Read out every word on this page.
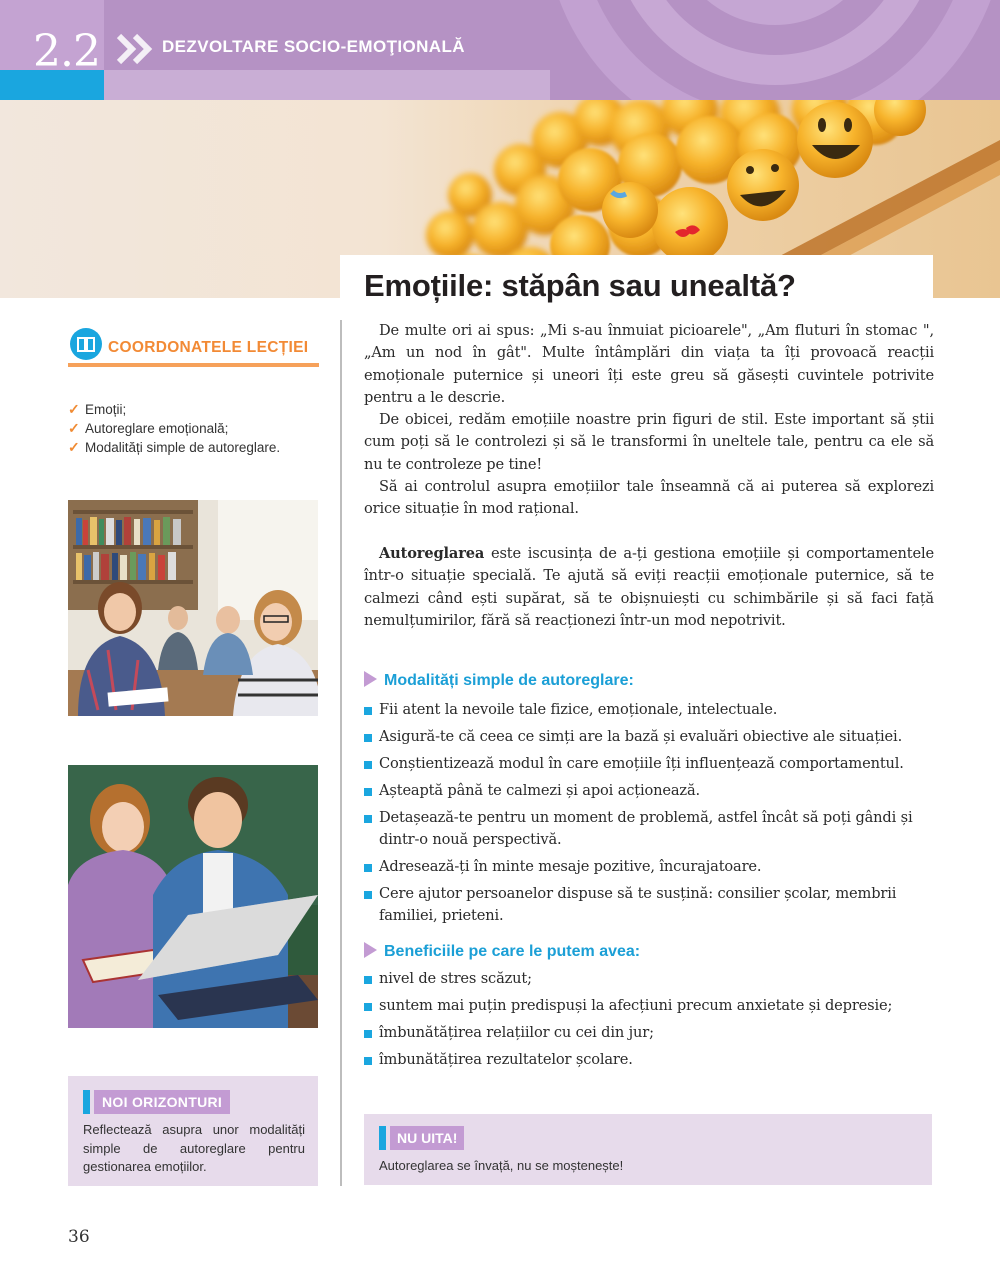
2.2	DEZVOLTARE SOCIO-EMOŢIONALĂ
Emoțiile: stăpân sau unealtă?
COORDONATELE LECȚIEI
✓ Emoții;
✓ Autoreglare emoțională;
✓ Modalități simple de autoreglare.
NOI ORIZONTURI
Reflectează asupra unor modalități simple de autoreglare pentru gestionarea emoțiilor.

De multe ori ai spus: „Mi s-au înmuiat picioarele", „Am fluturi în stomac ", „Am un nod în gât". Multe întâmplări din viața ta îți provoacă reacții emoționale puternice și uneori îți este greu să găsești cuvintele potrivite pentru a le descrie.

De obicei, redăm emoțiile noastre prin figuri de stil. Este important să știi cum poți să le controlezi și să le transformi în uneltele tale, pentru ca ele să nu te controleze pe tine!

Să ai controlul asupra emoțiilor tale înseamnă că ai puterea să explorezi orice situație în mod rațional.

Autoreglarea este iscusința de a-ți gestiona emoțiile și comportamentele într-o situație specială. Te ajută să eviți reacții emoționale puternice, să te calmezi când ești supărat, să te obișnuiești cu schimbările și să faci față nemulțumirilor, fără să reacționezi într-un mod nepotrivit.

Modalități simple de autoreglare:
Fii atent la nevoile tale fizice, emoționale, intelectuale.
Asigură-te că ceea ce simți are la bază și evaluări obiective ale situației.
Conștientizează modul în care emoțiile îți influențează comportamentul.
Așteaptă până te calmezi și apoi acționează.
Detașează-te pentru un moment de problemă, astfel încât să poți gândi și dintr-o nouă perspectivă.
Adresează-ți în minte mesaje pozitive, încurajatoare.
Cere ajutor persoanelor dispuse să te susțină: consilier școlar, membrii familiei, prieteni.
Beneficiile pe care le putem avea:
nivel de stres scăzut;
suntem mai puțin predispuși la afecțiuni precum anxietate și depresie;
îmbunătățirea relațiilor cu cei din jur;
îmbunătățirea rezultatelor școlare.
NU UITA!
Autoreglarea se învață, nu se moștenește!
36
